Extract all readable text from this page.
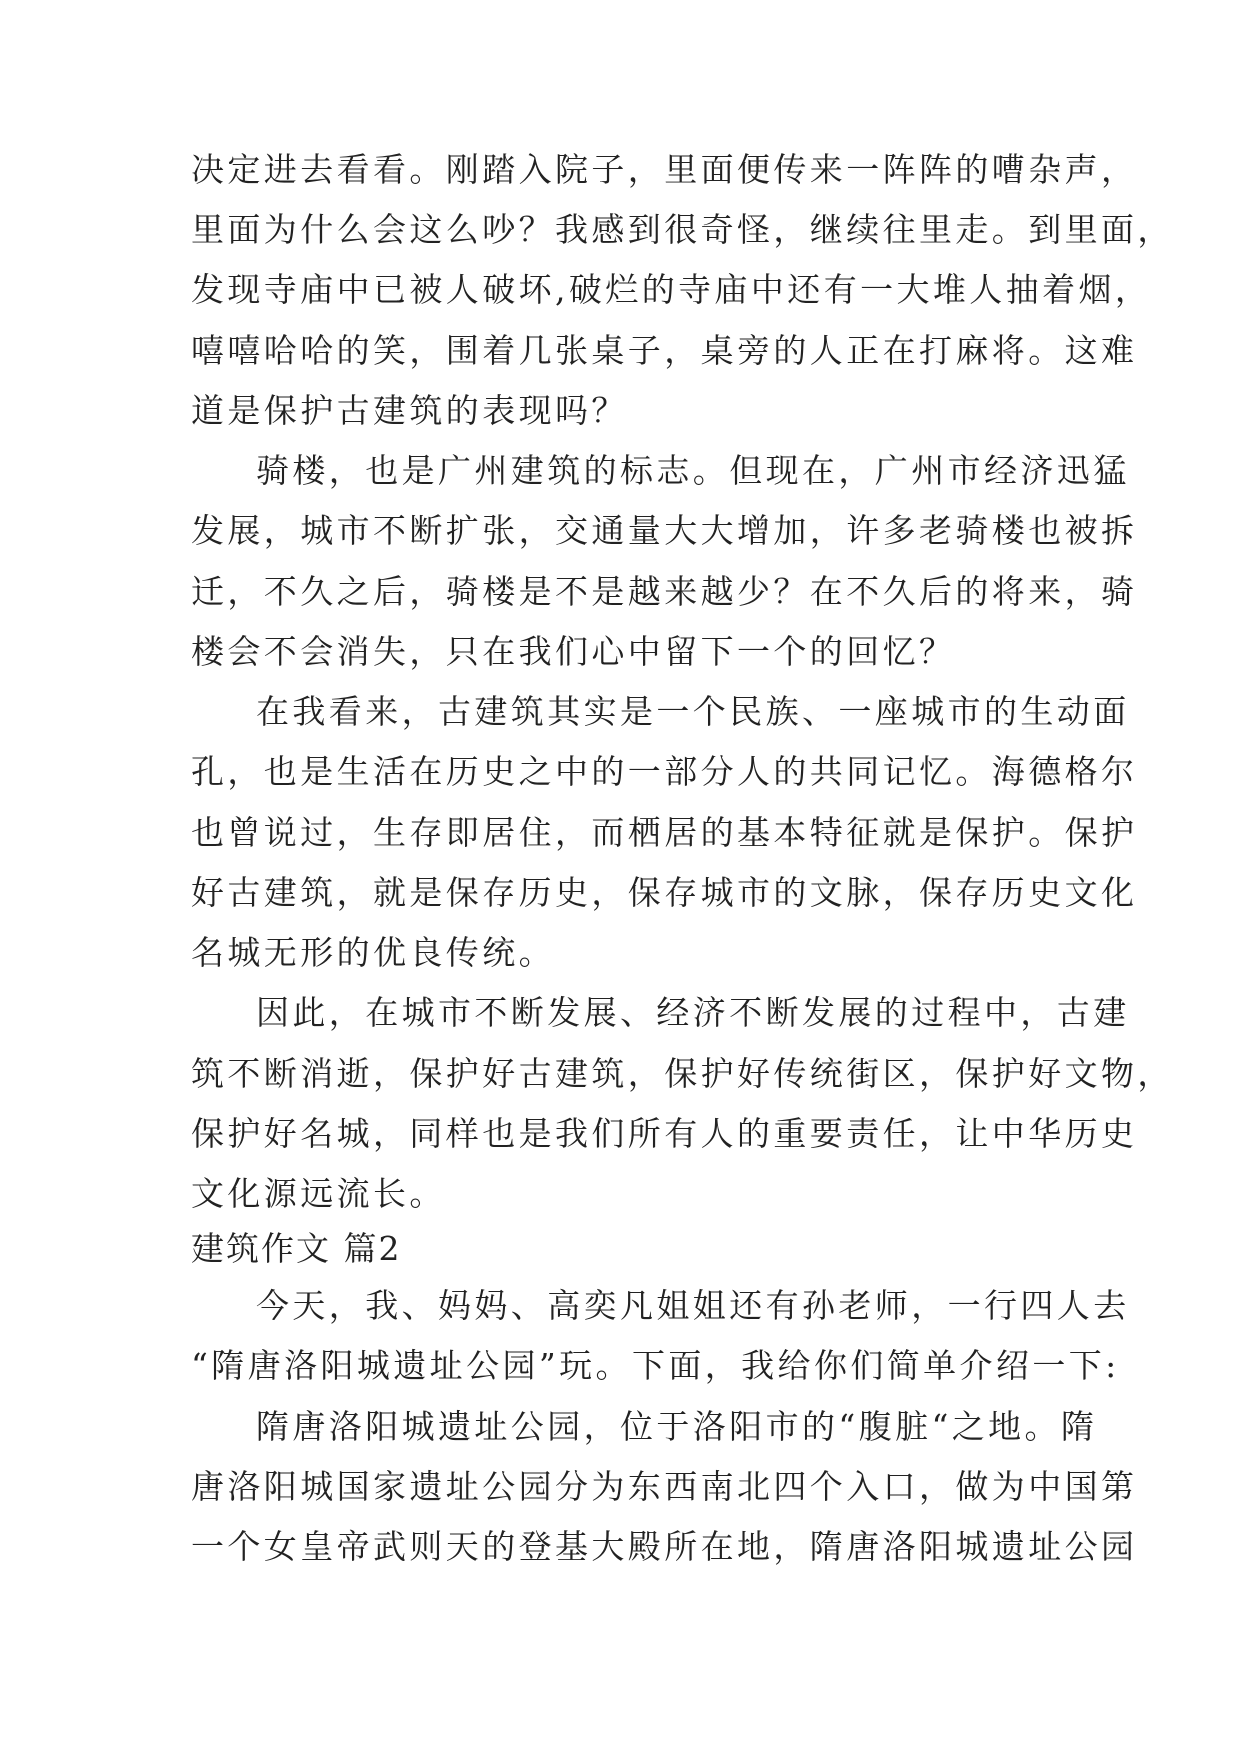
决定进去看看。刚踏入院子，里面便传来一阵阵的嘈杂声，
里面为什么会这么吵？我感到很奇怪，继续往里走。到里面，
发现寺庙中已被人破坏,破烂的寺庙中还有一大堆人抽着烟，
嘻嘻哈哈的笑，围着几张桌子，桌旁的人正在打麻将。这难
道是保护古建筑的表现吗？
骑楼，也是广州建筑的标志。但现在，广州市经济迅猛
发展，城市不断扩张，交通量大大增加，许多老骑楼也被拆
迁，不久之后，骑楼是不是越来越少？在不久后的将来，骑
楼会不会消失，只在我们心中留下一个的回忆？
在我看来，古建筑其实是一个民族、一座城市的生动面
孔，也是生活在历史之中的一部分人的共同记忆。海德格尔
也曾说过，生存即居住，而栖居的基本特征就是保护。保护
好古建筑，就是保存历史，保存城市的文脉，保存历史文化
名城无形的优良传统。
因此，在城市不断发展、经济不断发展的过程中，古建
筑不断消逝，保护好古建筑，保护好传统街区，保护好文物，
保护好名城，同样也是我们所有人的重要责任，让中华历史
文化源远流长。
建筑作文 篇2
今天，我、妈妈、高奕凡姐姐还有孙老师，一行四人去
“隋唐洛阳城遗址公园”玩。下面，我给你们简单介绍一下:
隋唐洛阳城遗址公园，位于洛阳市的“腹脏“之地。隋
唐洛阳城国家遗址公园分为东西南北四个入口，做为中国第
一个女皇帝武则天的登基大殿所在地，隋唐洛阳城遗址公园
